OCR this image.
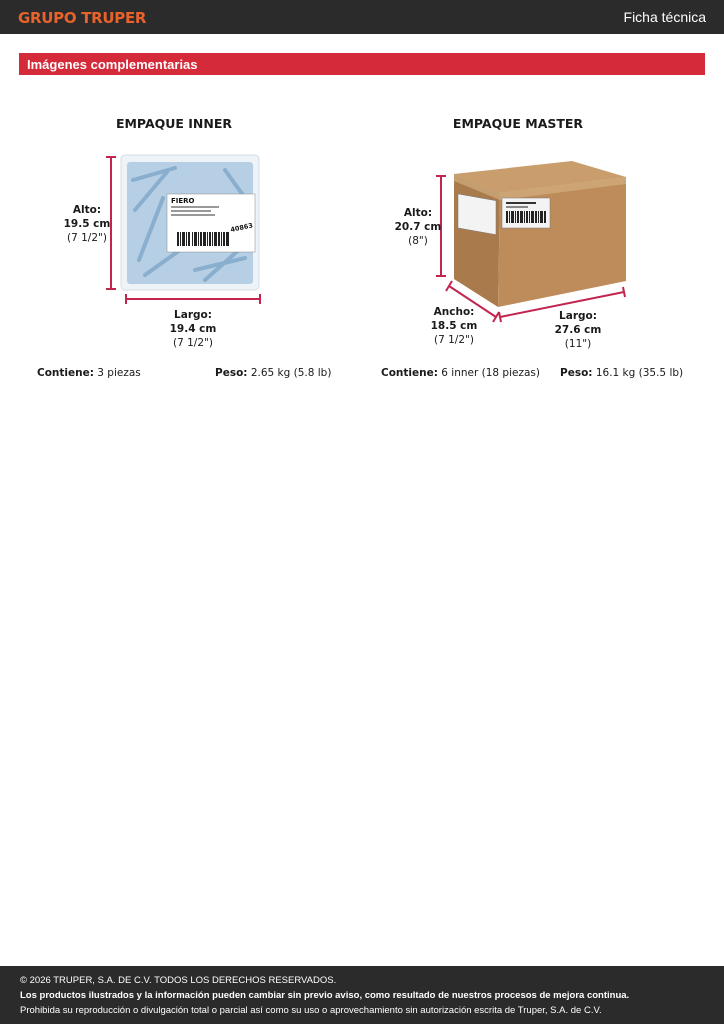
GRUPO TRUPER	Ficha técnica
Imágenes complementarias
EMPAQUE INNER
FIERO
40863
Alto:
19.5 cm
(7 1/2")
Largo:
19.4 cm
(7 1/2")
Contiene: 3 piezas	Peso: 2.65 kg (5.8 lb)
EMPAQUE MASTER
Alto:
20.7 cm
(8")
Ancho:
18.5 cm
(7 1/2")
Largo:
27.6 cm
(11")
Contiene: 6 inner (18 piezas) Peso: 16.1 kg (35.5 lb)
© 2026 TRUPER, S.A. DE C.V. TODOS LOS DERECHOS RESERVADOS.
Los productos ilustrados y la información pueden cambiar sin previo aviso, como resultado de nuestros procesos de mejora continua.
Prohibida su reproducción o divulgación total o parcial así como su uso o aprovechamiento sin autorización escrita de Truper, S.A. de C.V.
